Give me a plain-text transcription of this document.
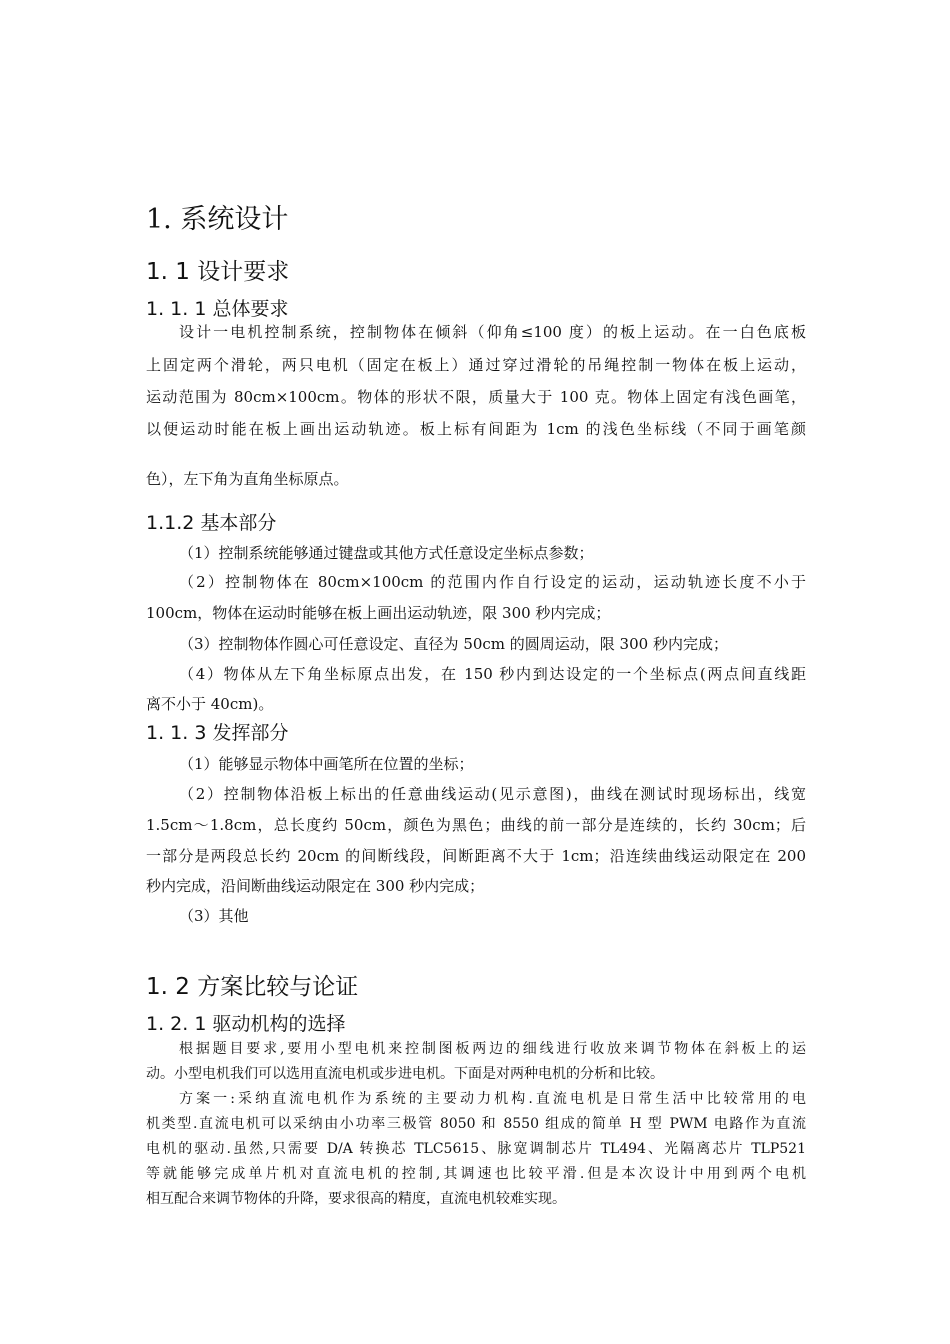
1. 系统设计
1. 1 设计要求
1. 1. 1 总体要求
设计一电机控制系统，控制物体在倾斜（仰角≤100 度）的板上运动。在一白色底板
上固定两个滑轮，两只电机（固定在板上）通过穿过滑轮的吊绳控制一物体在板上运动，
运动范围为 80cm×100cm。物体的形状不限，质量大于 100 克。物体上固定有浅色画笔，
以便运动时能在板上画出运动轨迹。板上标有间距为 1cm 的浅色坐标线（不同于画笔颜
色），左下角为直角坐标原点。
1.1.2 基本部分
（1）控制系统能够通过键盘或其他方式任意设定坐标点参数；
（2）控制物体在 80cm×100cm 的范围内作自行设定的运动，运动轨迹长度不小于
100cm，物体在运动时能够在板上画出运动轨迹，限 300 秒内完成；
（3）控制物体作圆心可任意设定、直径为 50cm 的圆周运动，限 300 秒内完成；
（4）物体从左下角坐标原点出发，在 150 秒内到达设定的一个坐标点(两点间直线距
离不小于 40cm)。
1. 1. 3 发挥部分
（1）能够显示物体中画笔所在位置的坐标；
（2）控制物体沿板上标出的任意曲线运动(见示意图)，曲线在测试时现场标出，线宽
1.5cm～1.8cm，总长度约 50cm，颜色为黑色；曲线的前一部分是连续的，长约 30cm；后
一部分是两段总长约 20cm 的间断线段，间断距离不大于 1cm；沿连续曲线运动限定在 200
秒内完成，沿间断曲线运动限定在 300 秒内完成；
（3）其他
1. 2 方案比较与论证
1. 2. 1 驱动机构的选择
根据题目要求,要用小型电机来控制图板两边的细线进行收放来调节物体在斜板上的运
动。小型电机我们可以选用直流电机或步进电机。下面是对两种电机的分析和比较。
方案一:采纳直流电机作为系统的主要动力机构.直流电机是日常生活中比较常用的电
机类型.直流电机可以采纳由小功率三极管 8050 和 8550 组成的简单 H 型 PWM 电路作为直流
电机的驱动.虽然,只需要 D/A 转换芯 TLC5615、脉宽调制芯片 TL494、光隔离芯片 TLP521
等就能够完成单片机对直流电机的控制,其调速也比较平滑.但是本次设计中用到两个电机
相互配合来调节物体的升降，要求很高的精度，直流电机较难实现。
